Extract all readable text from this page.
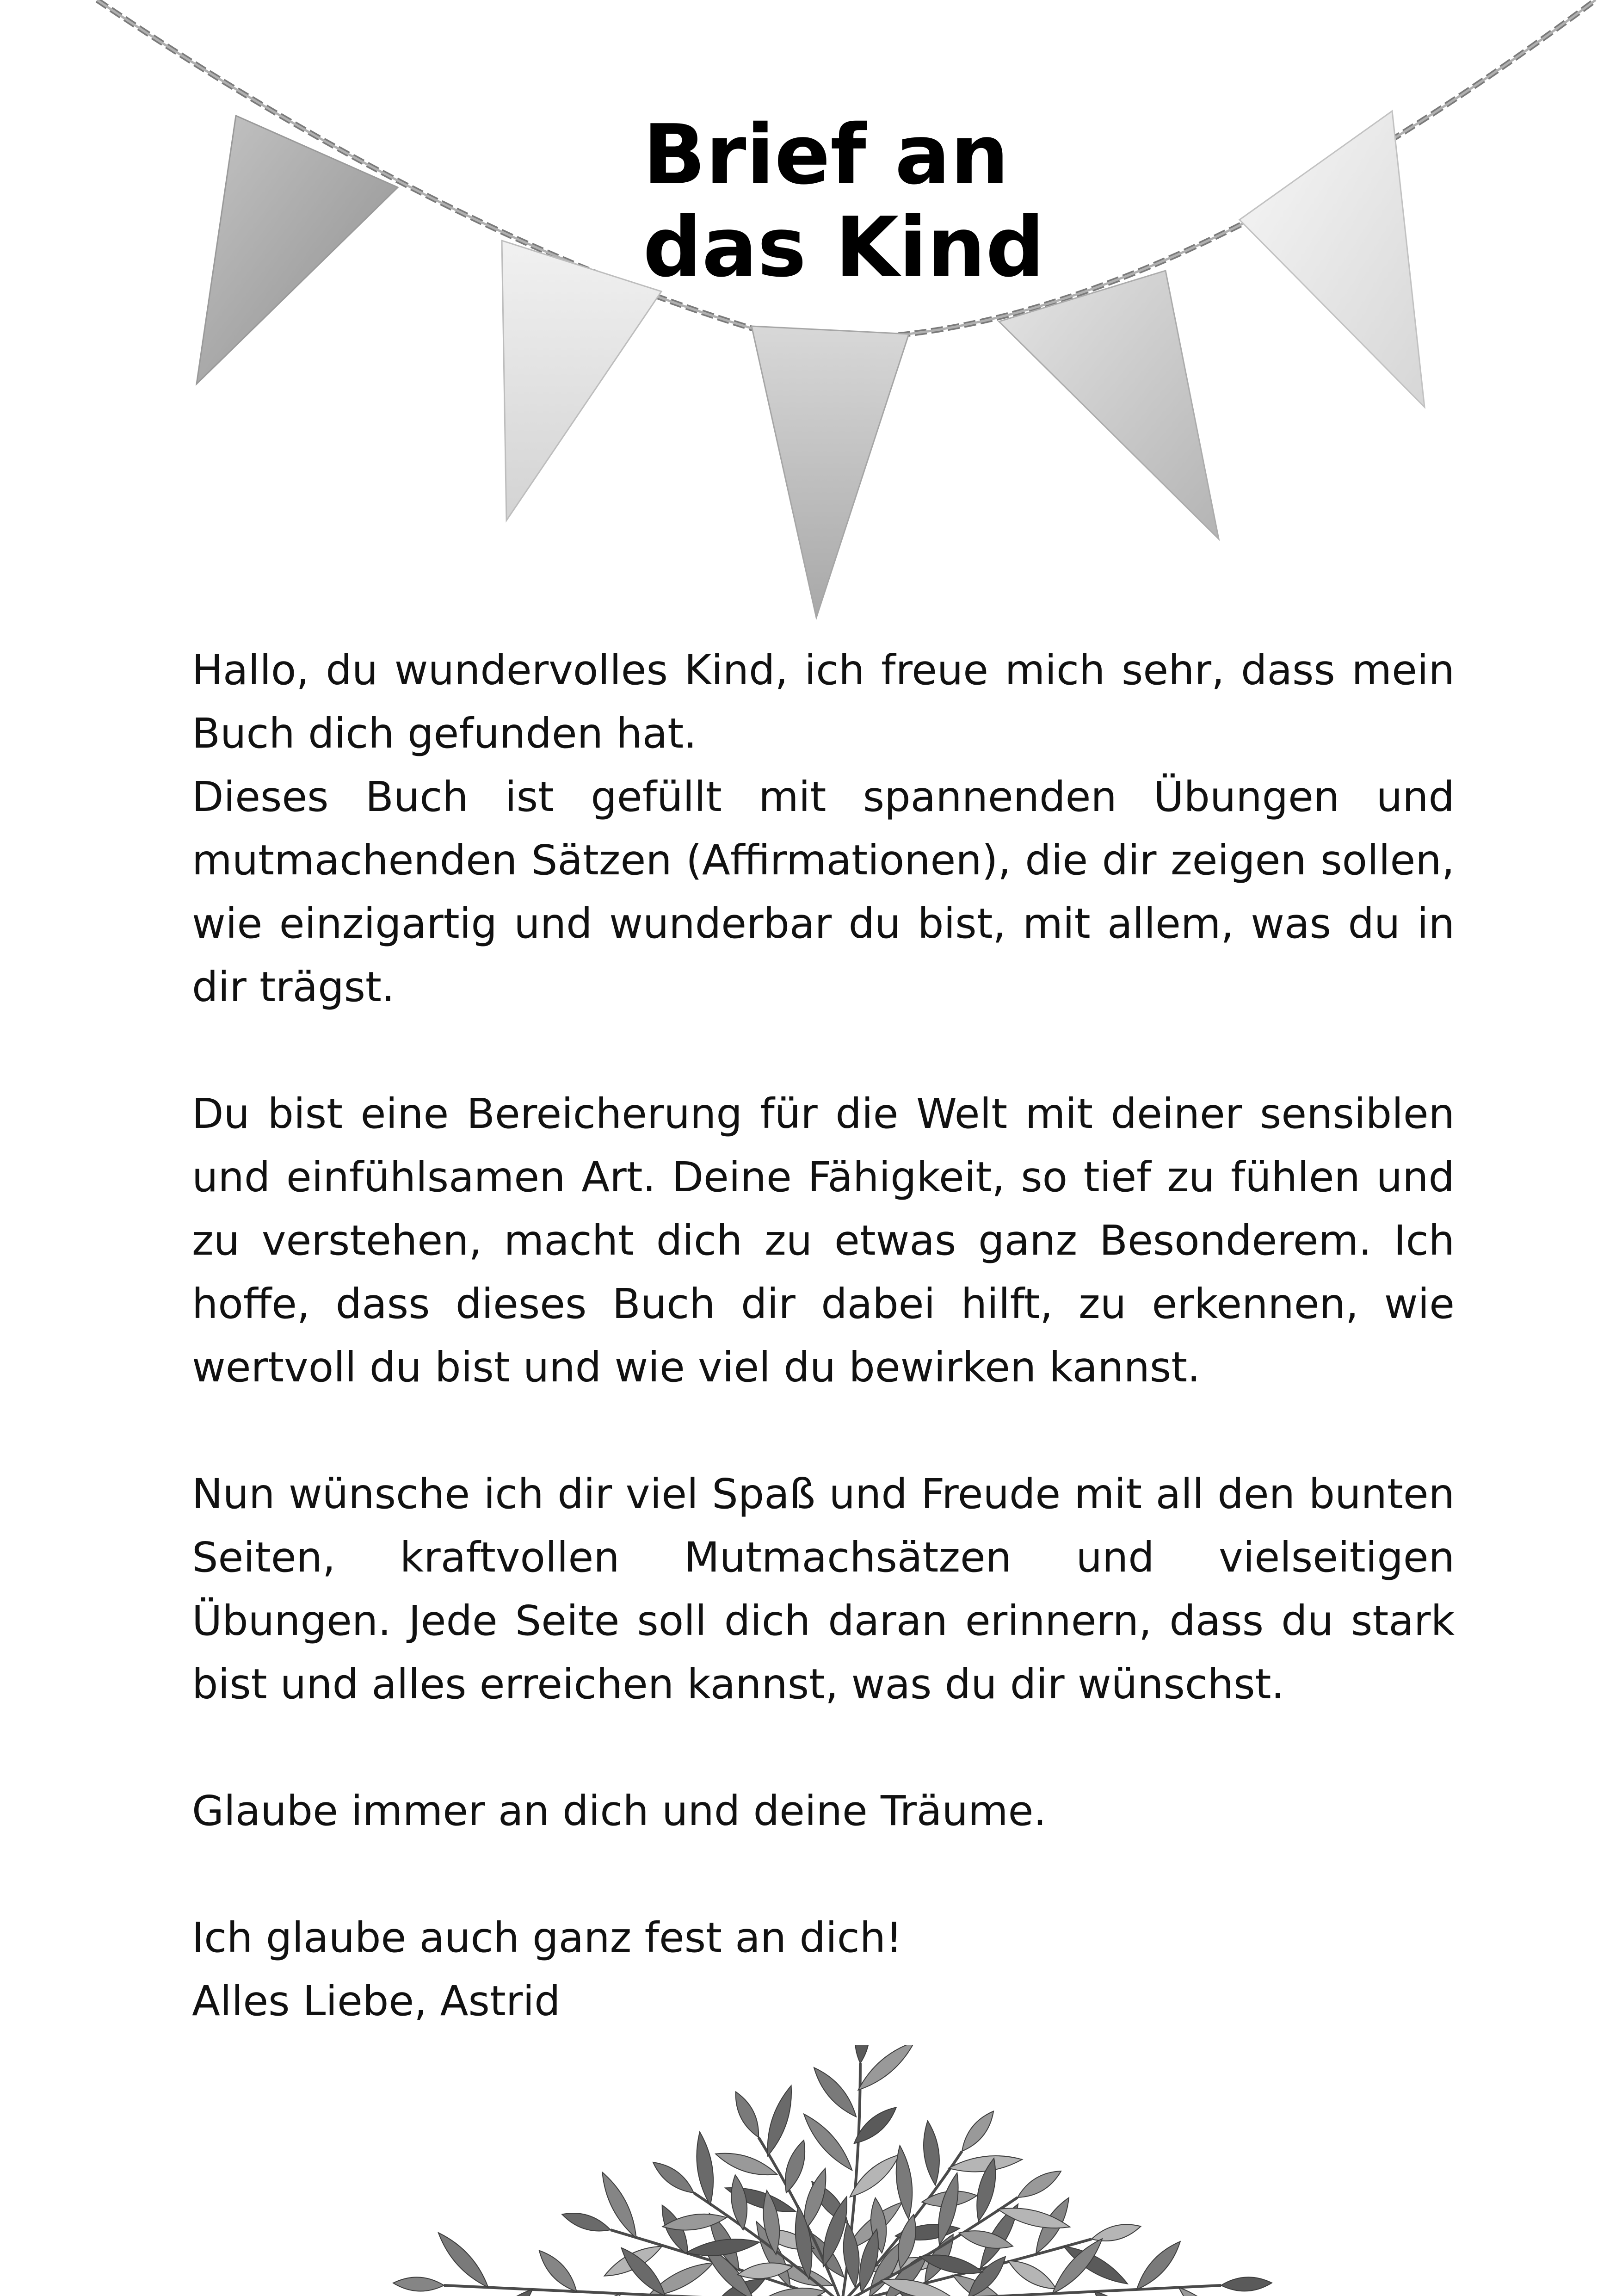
Brief an
das Kind

Hallo, du wundervolles Kind, ich freue mich sehr, dass mein Buch dich gefunden hat.

Dieses Buch ist gefüllt mit spannenden Übungen und mutmachenden Sätzen (Affirmationen), die dir zeigen sollen, wie einzigartig und wunderbar du bist, mit allem, was du in dir trägst.

Du bist eine Bereicherung für die Welt mit deiner sensiblen und einfühlsamen Art. Deine Fähigkeit, so tief zu fühlen und zu verstehen, macht dich zu etwas ganz Besonderem. Ich hoffe, dass dieses Buch dir dabei hilft, zu erkennen, wie wertvoll du bist und wie viel du bewirken kannst.

Nun wünsche ich dir viel Spaß und Freude mit all den bunten Seiten, kraftvollen Mutmachsätzen und vielseitigen Übungen. Jede Seite soll dich daran erinnern, dass du stark bist und alles erreichen kannst, was du dir wünschst.

Glaube immer an dich und deine Träume.

Ich glaube auch ganz fest an dich!

Alles Liebe, Astrid
